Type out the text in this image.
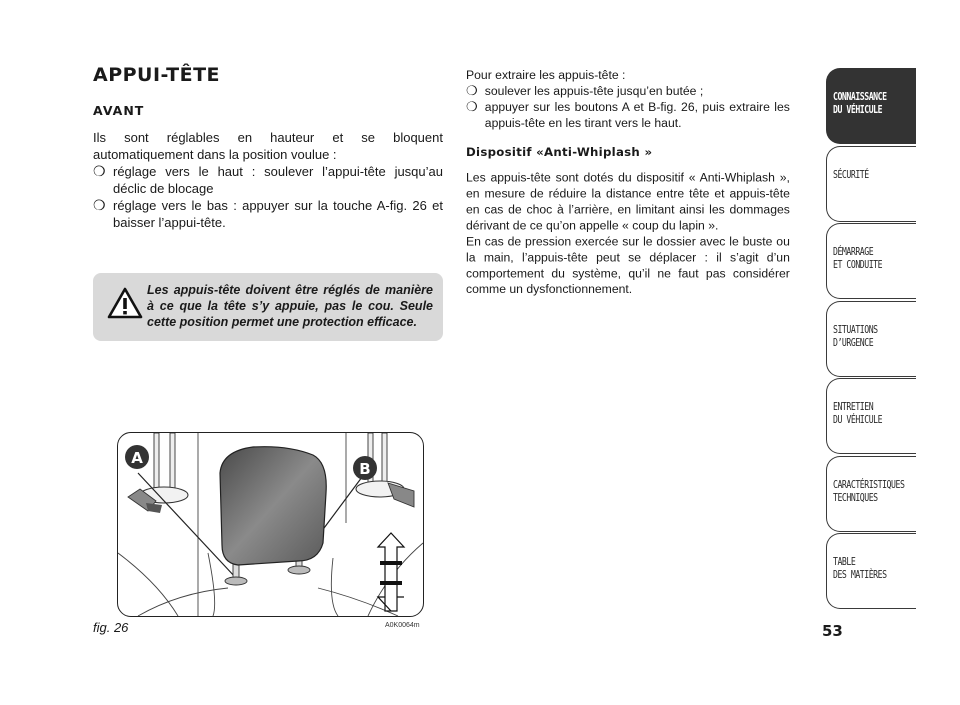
APPUI-TÊTE
AVANT

Ils sont réglables en hauteur et se bloquent automatiquement dans la position voulue :

❍ réglage vers le haut : soulever l’appui-tête jusqu’au déclic de blocage

❍ réglage vers le bas : appuyer sur la touche A-fig. 26 et baisser l’appui-tête.

Les appuis-tête doivent être réglés de manière à ce que la tête s’y appuie, pas le cou. Seule cette position permet une protection efficace.

A
B

fig. 26	A0K0064m

Pour extraire les appuis-tête :

❍ soulever les appuis-tête jusqu’en butée ;

❍ appuyer sur les boutons A et B-fig. 26, puis extraire les appuis-tête en les tirant vers le haut.

Dispositif «Anti-Whiplash »

Les appuis-tête sont dotés du dispositif « Anti-Whiplash », en mesure de réduire la distance entre tête et appuis-tête en cas de choc à l’arrière, en limitant ainsi les dommages dérivant de ce qu’on appelle « coup du lapin ».

En cas de pression exercée sur le dossier avec le buste ou la main, l’appuis-tête peut se déplacer : il s’agit d’un comportement du système, qu’il ne faut pas considérer comme un dysfonctionnement.

CONNAISSANCE
DU VÉHICULE
SÉCURITÉ
DÉMARRAGE
ET CONDUITE
SITUATIONS
D’URGENCE
ENTRETIEN
DU VÉHICULE
CARACTÉRISTIQUES
TECHNIQUES
TABLE
DES MATIÈRES

53
